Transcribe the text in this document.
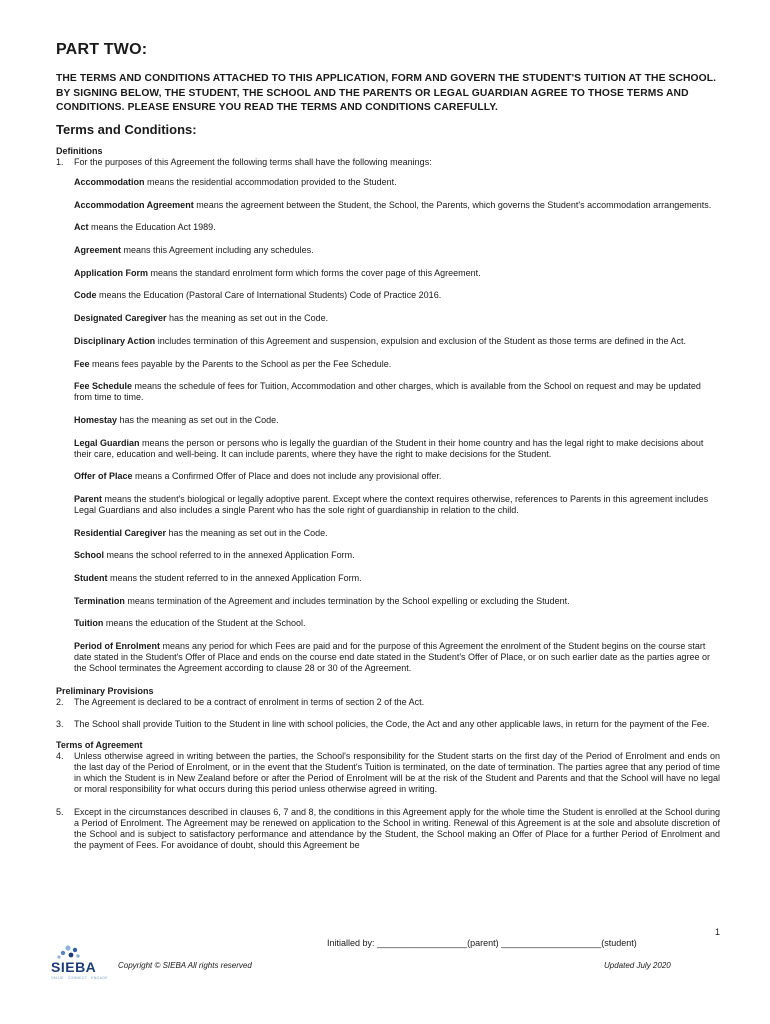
PART TWO:

THE TERMS AND CONDITIONS ATTACHED TO THIS APPLICATION, FORM AND GOVERN THE STUDENT'S TUITION AT THE SCHOOL. BY SIGNING BELOW, THE STUDENT, THE SCHOOL AND THE PARENTS OR LEGAL GUARDIAN AGREE TO THOSE TERMS AND CONDITIONS. PLEASE ENSURE YOU READ THE TERMS AND CONDITIONS CAREFULLY.

Terms and Conditions:

Definitions

1. For the purposes of this Agreement the following terms shall have the following meanings:

Accommodation means the residential accommodation provided to the Student.

Accommodation Agreement means the agreement between the Student, the School, the Parents, which governs the Student's accommodation arrangements.

Act means the Education Act 1989.

Agreement means this Agreement including any schedules.

Application Form means the standard enrolment form which forms the cover page of this Agreement.

Code means the Education (Pastoral Care of International Students) Code of Practice 2016.

Designated Caregiver has the meaning as set out in the Code.

Disciplinary Action includes termination of this Agreement and suspension, expulsion and exclusion of the Student as those terms are defined in the Act.

Fee means fees payable by the Parents to the School as per the Fee Schedule.

Fee Schedule means the schedule of fees for Tuition, Accommodation and other charges, which is available from the School on request and may be updated from time to time.

Homestay has the meaning as set out in the Code.

Legal Guardian means the person or persons who is legally the guardian of the Student in their home country and has the legal right to make decisions about their care, education and well-being. It can include parents, where they have the right to make decisions for the Student.

Offer of Place means a Confirmed Offer of Place and does not include any provisional offer.

Parent means the student's biological or legally adoptive parent. Except where the context requires otherwise, references to Parents in this agreement includes Legal Guardians and also includes a single Parent who has the sole right of guardianship in relation to the child.

Residential Caregiver has the meaning as set out in the Code.

School means the school referred to in the annexed Application Form.

Student means the student referred to in the annexed Application Form.

Termination means termination of the Agreement and includes termination by the School expelling or excluding the Student.

Tuition means the education of the Student at the School.

Period of Enrolment means any period for which Fees are paid and for the purpose of this Agreement the enrolment of the Student begins on the course start date stated in the Student's Offer of Place and ends on the course end date stated in the Student's Offer of Place, or on such earlier date as the parties agree or the School terminates the Agreement according to clause 28 or 30 of the Agreement.

Preliminary Provisions

2. The Agreement is declared to be a contract of enrolment in terms of section 2 of the Act.
3. The School shall provide Tuition to the Student in line with school policies, the Code, the Act and any other applicable laws, in return for the payment of the Fee.

Terms of Agreement

4. Unless otherwise agreed in writing between the parties, the School's responsibility for the Student starts on the first day of the Period of Enrolment and ends on the last day of the Period of Enrolment, or in the event that the Student's Tuition is terminated, on the date of termination. The parties agree that any period of time in which the Student is in New Zealand before or after the Period of Enrolment will be at the risk of the Student and Parents and that the School will have no legal or moral responsibility for what occurs during this period unless otherwise agreed in writing.
5. Except in the circumstances described in clauses 6, 7 and 8, the conditions in this Agreement apply for the whole time the Student is enrolled at the School during a Period of Enrolment. The Agreement may be renewed on application to the School in writing. Renewal of this Agreement is at the sole and absolute discretion of the School and is subject to satisfactory performance and attendance by the Student, the School making an Offer of Place for a further Period of Enrolment and the payment of Fees. For avoidance of doubt, should this Agreement be
1
Initialled by: __________________(parent) ____________________(student)
SIEBA
VALUE · CONNECT · ENGAGE
Copyright © SIEBA All rights reserved	Updated July 2020
